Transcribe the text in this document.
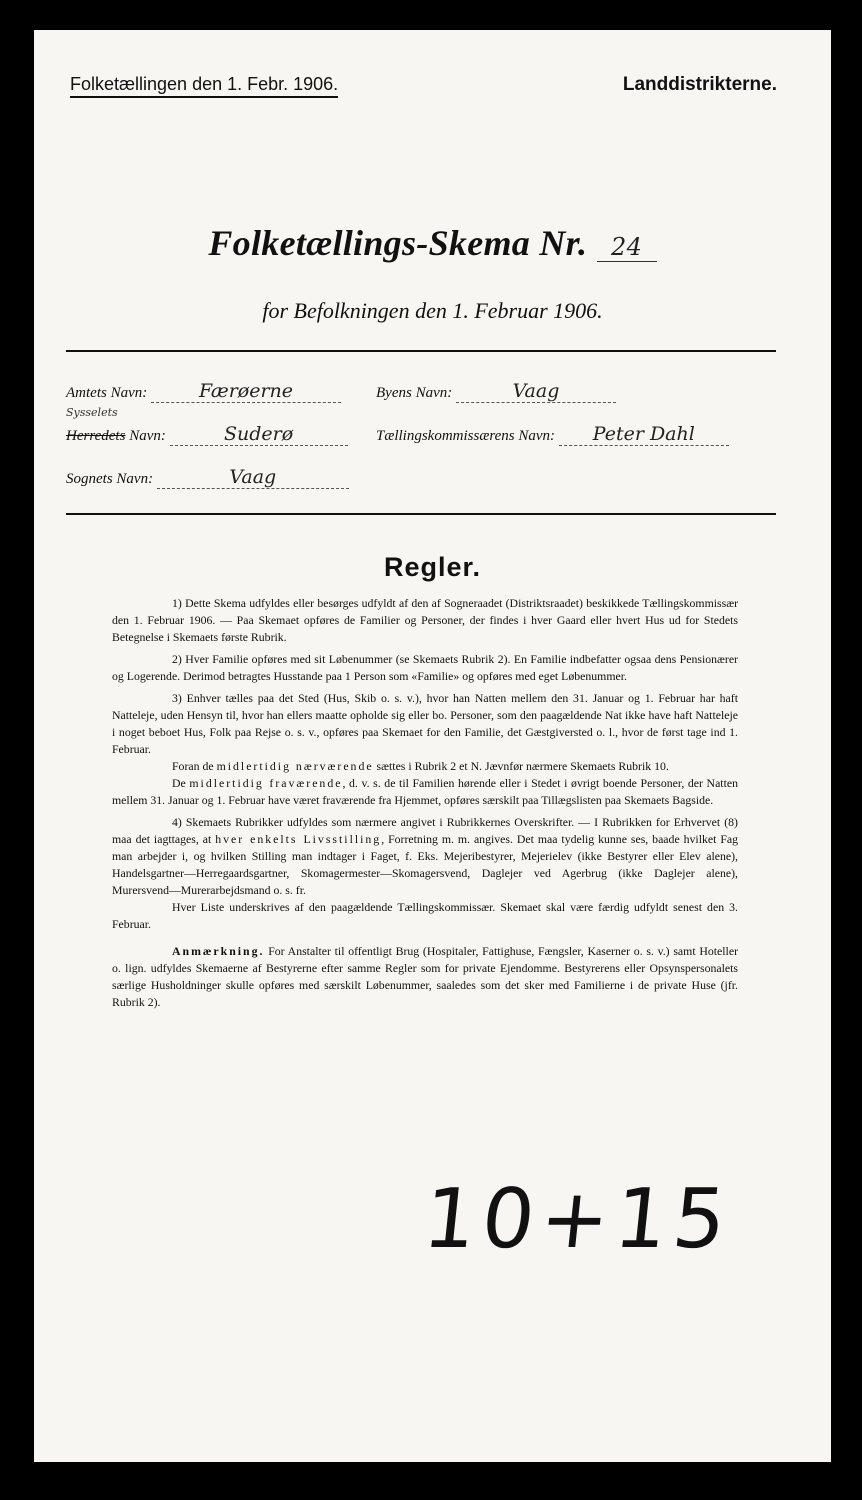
Folketællingen den 1. Febr. 1906.	Landdistrikterne.
Folketællings-Skema Nr. 24
for Befolkningen den 1. Februar 1906.
Amtets Navn:	Færøerne	Byens Navn:	Vaag
Sysselets
Herredets Navn:	Suderø	Tællingskommissærens Navn: Peter Dahl
Sognets Navn:	Vaag
Regler.

1) Dette Skema udfyldes eller besørges udfyldt af den af Sogneraadet (Distriktsraadet) beskikkede Tællingskommissær den 1. Februar 1906. — Paa Skemaet opføres de Familier og Personer, der findes i hver Gaard eller hvert Hus ud for Stedets Betegnelse i Skemaets første Rubrik.

2) Hver Familie opføres med sit Løbenummer (se Skemaets Rubrik 2). En Familie indbefatter ogsaa dens Pensionærer og Logerende. Derimod betragtes Husstande paa 1 Person som «Familie» og opføres med eget Løbenummer.

3) Enhver tælles paa det Sted (Hus, Skib o. s. v.), hvor han Natten mellem den 31. Januar og 1. Februar har haft Natteleje, uden Hensyn til, hvor han ellers maatte opholde sig eller bo. Personer, som den paagældende Nat ikke have haft Natteleje i noget beboet Hus, Folk paa Rejse o. s. v., opføres paa Skemaet for den Familie, det Gæstgiversted o. l., hvor de først tage ind 1. Februar.

Foran de midlertidig nærværende sættes i Rubrik 2 et N. Jævnfør nærmere Skemaets Rubrik 10.

De midlertidig fraværende, d. v. s. de til Familien hørende eller i Stedet i øvrigt boende Personer, der Natten mellem 31. Januar og 1. Februar have været fraværende fra Hjemmet, opføres særskilt paa Tillægslisten paa Skemaets Bagside.

4) Skemaets Rubrikker udfyldes som nærmere angivet i Rubrikkernes Overskrifter. — I Rubrikken for Erhvervet (8) maa det iagttages, at hver enkelts Livsstilling, Forretning m. m. angives. Det maa tydelig kunne ses, baade hvilket Fag man arbejder i, og hvilken Stilling man indtager i Faget, f. Eks. Mejeribestyrer, Mejerielev (ikke Bestyrer eller Elev alene), Handelsgartner—Herregaardsgartner, Skomagermester—Skomagersvend, Daglejer ved Agerbrug (ikke Daglejer alene), Murersvend—Murerarbejdsmand o. s. fr.

Hver Liste underskrives af den paagældende Tællingskommissær. Skemaet skal være færdig udfyldt senest den 3. Februar.

Anmærkning. For Anstalter til offentligt Brug (Hospitaler, Fattighuse, Fængsler, Kaserner o. s. v.) samt Hoteller o. lign. udfyldes Skemaerne af Bestyrerne efter samme Regler som for private Ejendomme. Bestyrerens eller Opsynspersonalets særlige Husholdninger skulle opføres med særskilt Løbenummer, saaledes som det sker med Familierne i de private Huse (jfr. Rubrik 2).

10+15
